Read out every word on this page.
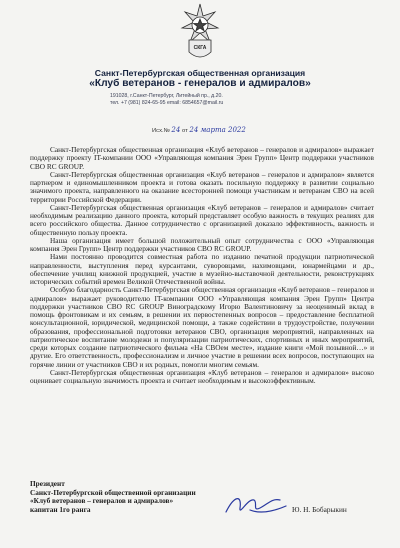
СКГА
Санкт-Петербургская общественная организация
«Клуб ветеранов - генералов и адмиралов»
191028, г.Санкт-Петербург, Литейный пр., д.20.
тел. +7 (981) 824-65-95 email: 6854657@mail.ru
Исх.№ 24 от 24 марта 2022

Санкт-Петербургская общественная организация «Клуб ветеранов – генералов и адмиралов» выражает поддержку проекту IT-компании ООО «Управляющая компания Эрен Групп» Центр поддержки участников СВО RC GROUP.

Санкт-Петербургская общественная организация «Клуб ветеранов – генералов и адмиралов» является партнером и единомышленником проекта и готова оказать посильную поддержку в развитии социально значимого проекта, направленного на оказание всесторонней помощи участникам и ветеранам СВО на всей территории Российской Федерации.

Санкт-Петербургская общественная организация «Клуб ветеранов – генералов и адмиралов» считает необходимым реализацию данного проекта, который представляет особую важность в текущих реалиях для всего российского общества. Данное сотрудничество с организацией доказало эффективность, важность и общественную пользу проекта.

Наша организация имеет большой положительный опыт сотрудничества с ООО «Управляющая компания Эрен Групп» Центр поддержки участников СВО RC GROUP.

Нами постоянно проводится совместная работа по изданию печатной продукции патриотической направленности, выступления перед курсантами, суворовцами, нахимовцами, юнармейцами и др., обеспечение училищ книжной продукцией, участие в музейно-выставочной деятельности, реконструкциях исторических событий времен Великой Отечественной войны.

Особую благодарность Санкт-Петербургская общественная организация «Клуб ветеранов – генералов и адмиралов» выражает руководителю IT-компании ООО «Управляющая компания Эрен Групп» Центра поддержки участников СВО RC GROUP Виноградскому Игорю Валентиновичу за неоценимый вклад в помощь фронтовикам и их семьям, в решении их первостепенных вопросов – предоставление бесплатной консультационной, юридической, медицинской помощи, а также содействии в трудоустройстве, получении образования, профессиональной подготовки ветеранов СВО, организация мероприятий, направленных на патриотическое воспитание молодежи и популяризации патриотических, спортивных и иных мероприятий, среди которых создание патриотического фильма «На СВОем месте», издание книги «Мой позывной…» и другие. Его ответственность, профессионализм и личное участие в решении всех вопросов, поступающих на горячие линии от участников СВО и их родных, помогли многим семьям.

Санкт-Петербургская общественная организация «Клуб ветеранов – генералов и адмиралов» высоко оценивает социальную значимость проекта и считает необходимым и высокоэффективным.

Президент
Санкт-Петербургской общественной организации
«Клуб ветеранов – генералов и адмиралов»
капитан 1го ранга	Ю. Н. Бобарыкин
